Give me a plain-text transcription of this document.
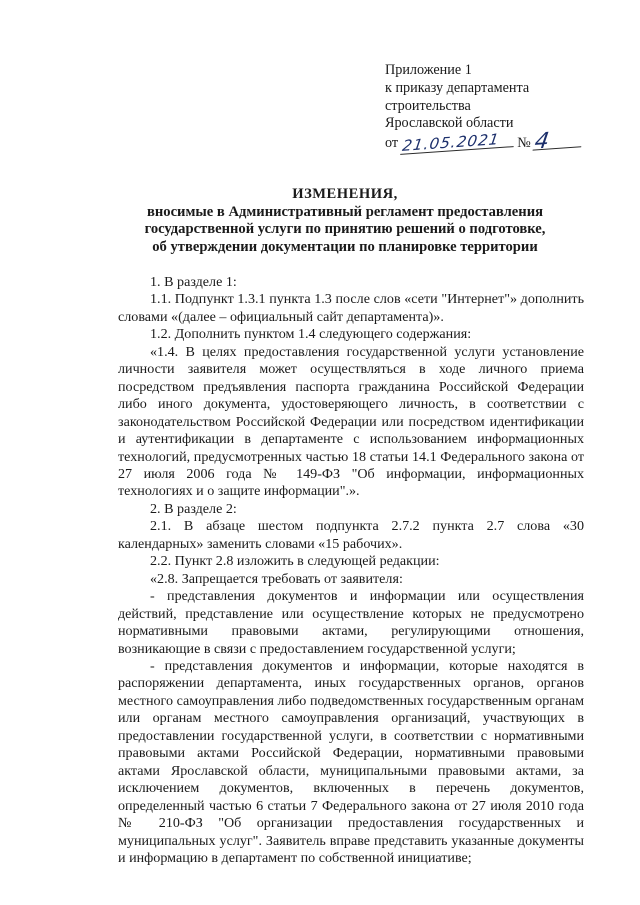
Приложение 1
к приказу департамента
строительства
Ярославской области
от 21.05.2021 № 4
ИЗМЕНЕНИЯ,
вносимые в Административный регламент предоставления
государственной услуги по принятию решений о подготовке,
об утверждении документации по планировке территории

1. В разделе 1:

1.1. Подпункт 1.3.1 пункта 1.3 после слов «сети "Интернет"» дополнить словами «(далее – официальный сайт департамента)».

1.2. Дополнить пунктом 1.4 следующего содержания:

«1.4. В целях предоставления государственной услуги установление личности заявителя может осуществляться в ходе личного приема посредством предъявления паспорта гражданина Российской Федерации либо иного документа, удостоверяющего личность, в соответствии с законодательством Российской Федерации или посредством идентификации и аутентификации в департаменте с использованием информационных технологий, предусмотренных частью 18 статьи 14.1 Федерального закона от 27 июля 2006 года № 149-ФЗ "Об информации, информационных технологиях и о защите информации".».

2. В разделе 2:

2.1. В абзаце шестом подпункта 2.7.2 пункта 2.7 слова «30 календарных» заменить словами «15 рабочих».

2.2. Пункт 2.8 изложить в следующей редакции:

«2.8. Запрещается требовать от заявителя:

- представления документов и информации или осуществления действий, представление или осуществление которых не предусмотрено нормативными правовыми актами, регулирующими отношения, возникающие в связи с предоставлением государственной услуги;

- представления документов и информации, которые находятся в распоряжении департамента, иных государственных органов, органов местного самоуправления либо подведомственных государственным органам или органам местного самоуправления организаций, участвующих в предоставлении государственной услуги, в соответствии с нормативными правовыми актами Российской Федерации, нормативными правовыми актами Ярославской области, муниципальными правовыми актами, за исключением документов, включенных в перечень документов, определенный частью 6 статьи 7 Федерального закона от 27 июля 2010 года № 210-ФЗ "Об организации предоставления государственных и муниципальных услуг". Заявитель вправе представить указанные документы и информацию в департамент по собственной инициативе;
